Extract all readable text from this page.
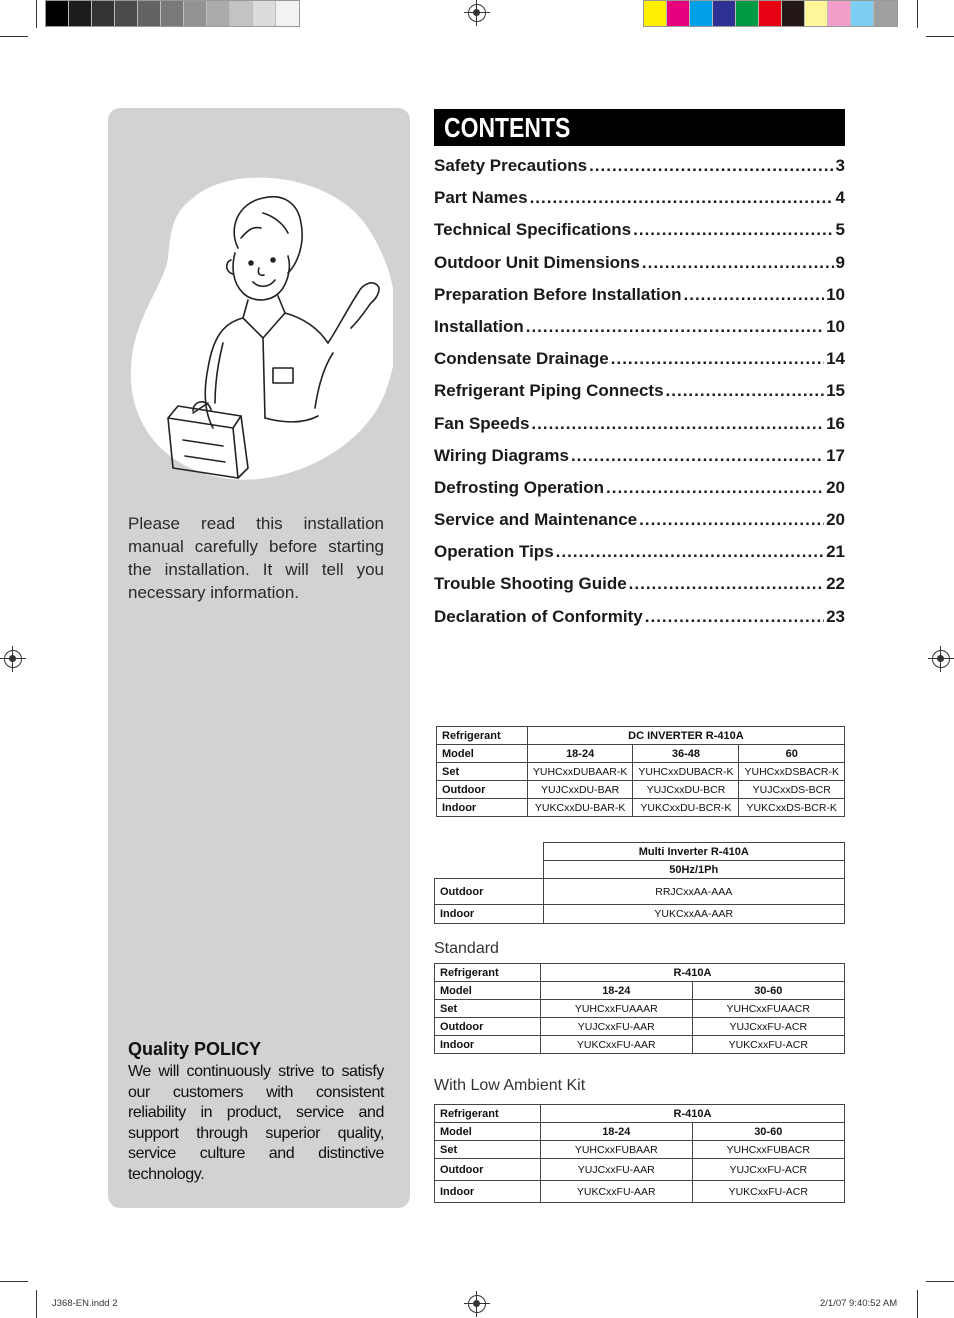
Please read this installation manual carefully before starting the installation. It will tell you necessary information.

Quality POLICY

We will continuously strive to satisfy our customers with consistent reliability in product, service and support through superior quality, service culture and distinctive technology.

CONTENTS
Safety Precautions .....	3
Part Names .....	4
Technical Specifications .....	5
Outdoor Unit Dimensions .....	9
Preparation Before Installation .....	10
Installation .....	10
Condensate Drainage .....	14
Refrigerant Piping Connects .....	15
Fan Speeds .....	16
Wiring Diagrams .....	17
Defrosting Operation .....	20
Service and Maintenance .....	20
Operation Tips .....	21
Trouble Shooting Guide .....	22
Declaration of Conformity .....	23
Refrigerant	DC INVERTER R-410A		
Model	18-24	36-48	60
Set	YUHCxxDUBAAR-K	YUHCxxDUBACR-K	YUHCxxDSBACR-K
Outdoor	YUJCxxDU-BAR	YUJCxxDU-BCR	YUJCxxDS-BCR
Indoor	YUKCxxDU-BAR-K	YUKCxxDU-BCR-K	YUKCxxDS-BCR-K
	Multi Inverter R-410A
	50Hz/1Ph
Outdoor	RRJCxxAA-AAA
Indoor	YUKCxxAA-AAR

Standard

Refrigerant	R-410A	
Model	18-24	30-60
Set	YUHCxxFUAAAR	YUHCxxFUAACR
Outdoor	YUJCxxFU-AAR	YUJCxxFU-ACR
Indoor	YUKCxxFU-AAR	YUKCxxFU-ACR

With Low Ambient Kit

Refrigerant	R-410A	
Model	18-24	30-60
Set	YUHCxxFUBAAR	YUHCxxFUBACR
Outdoor	YUJCxxFU-AAR	YUJCxxFU-ACR
Indoor	YUKCxxFU-AAR	YUKCxxFU-ACR
J368-EN.indd 2	2/1/07 9:40:52 AM
